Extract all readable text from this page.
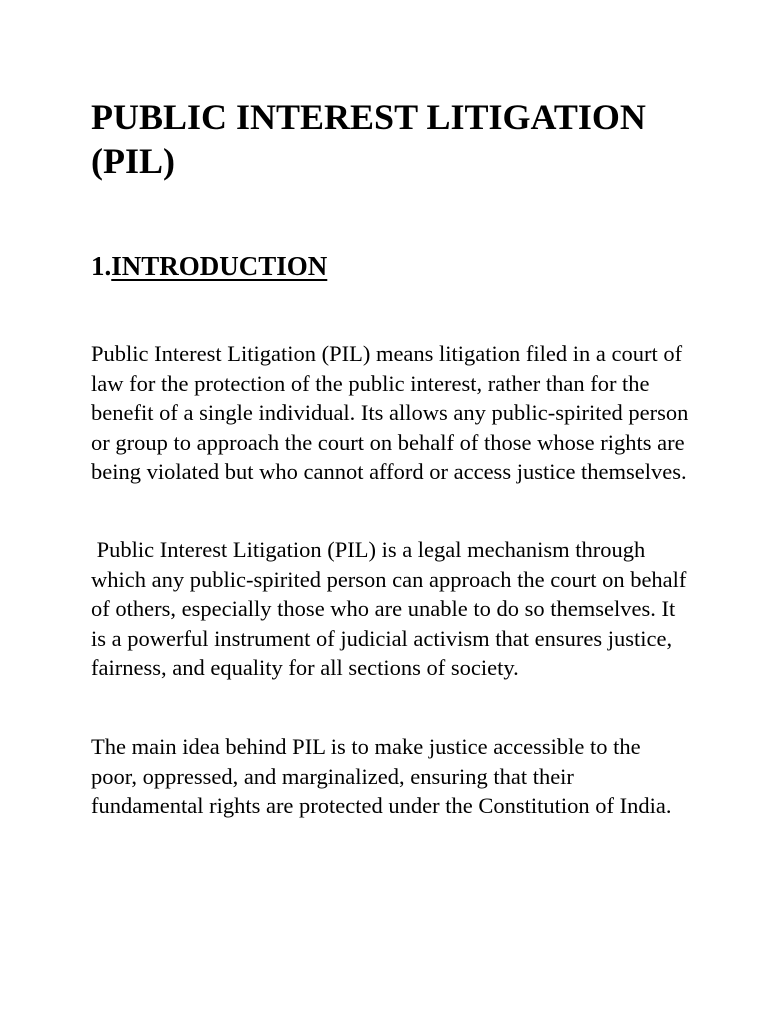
PUBLIC INTEREST LITIGATION (PIL)
1.INTRODUCTION

Public Interest Litigation (PIL) means litigation filed in a court of law for the protection of the public interest, rather than for the benefit of a single individual. Its allows any public-spirited person or group to approach the court on behalf of those whose rights are being violated but who cannot afford or access justice themselves.

Public Interest Litigation (PIL) is a legal mechanism through which any public-spirited person can approach the court on behalf of others, especially those who are unable to do so themselves. It is a powerful instrument of judicial activism that ensures justice, fairness, and equality for all sections of society.

The main idea behind PIL is to make justice accessible to the poor, oppressed, and marginalized, ensuring that their fundamental rights are protected under the Constitution of India.
